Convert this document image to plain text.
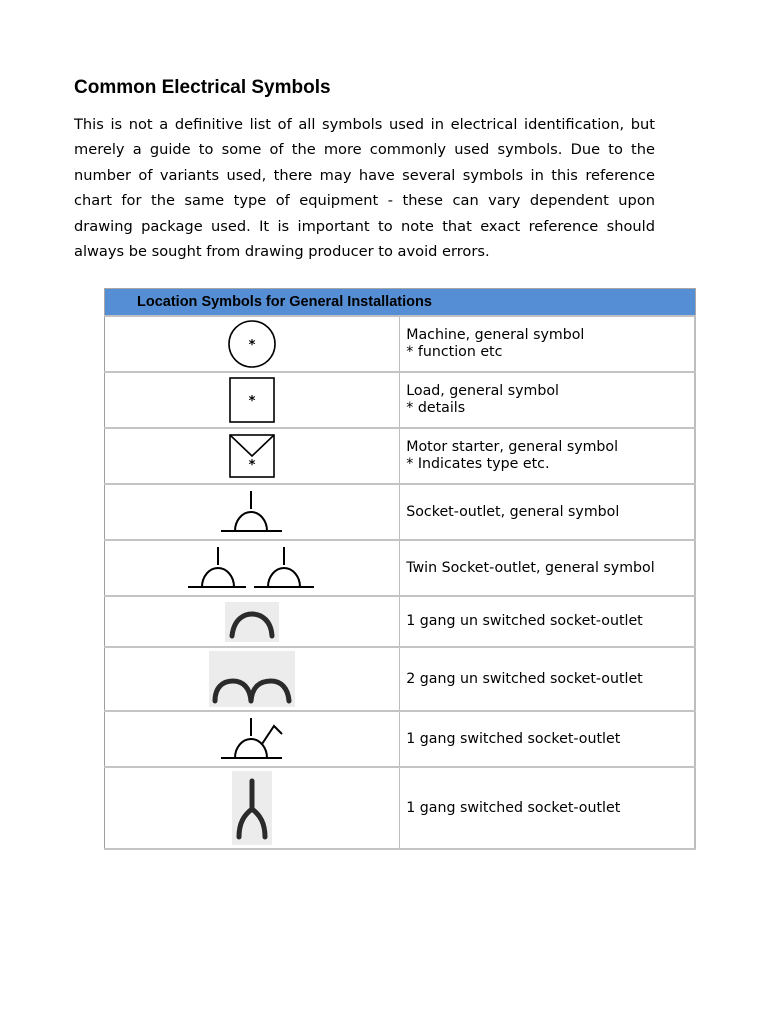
Common Electrical Symbols

This is not a definitive list of all symbols used in electrical identification, but merely a guide to some of the more commonly used symbols. Due to the number of variants used, there may have several symbols in this reference chart for the same type of equipment - these can vary dependent upon drawing package used. It is important to note that exact reference should always be sought from drawing producer to avoid errors.

Location Symbols for General Installations	

*	Machine, general symbol
* function etc

*	Load, general symbol
* details

*	Motor starter, general symbol
* Indicates type etc.

Socket-outlet, general symbol

Twin Socket-outlet, general symbol

1 gang un switched socket-outlet

2 gang un switched socket-outlet

1 gang switched socket-outlet

1 gang switched socket-outlet
